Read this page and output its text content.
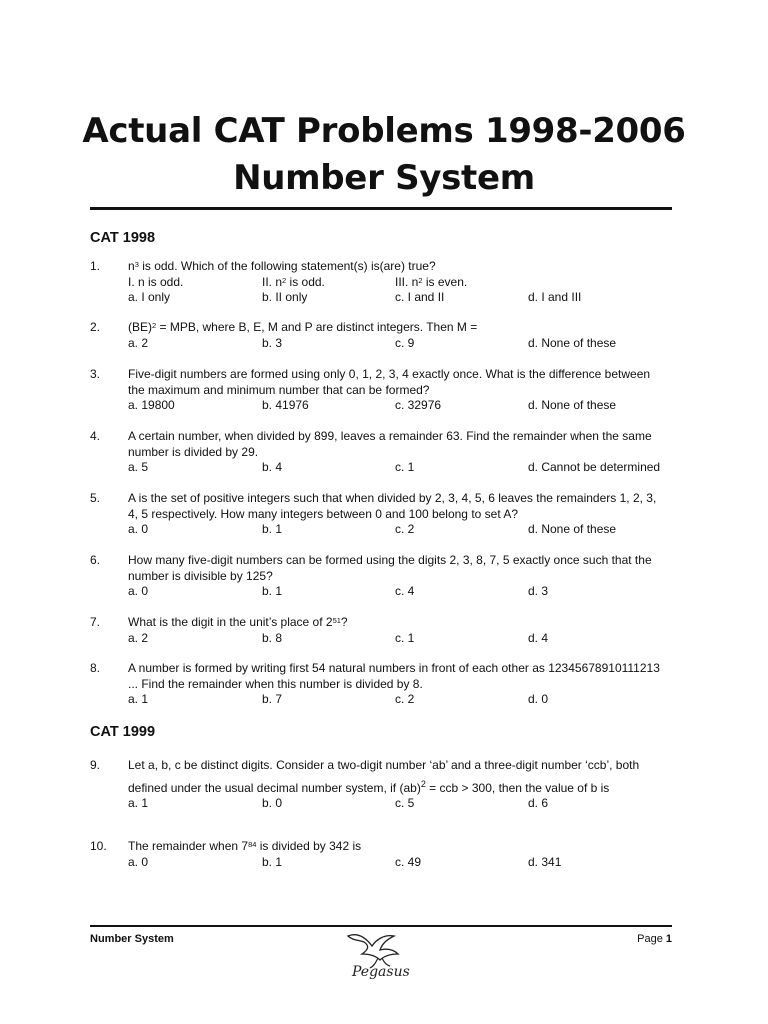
Actual CAT Problems 1998-2006
Number System
CAT 1998
1. $n^3$ is odd. Which of the following statement(s) is(are) true?
I. n is odd.	II. $n^2$ is odd.	III. $n^2$ is even.
a. I only	b. II only	c. I and II	d. I and III
2. (BE)$^2$ = MPB, where B, E, M and P are distinct integers. Then M =
a. 2	b. 3	c. 9	d. None of these
3. Five-digit numbers are formed using only 0, 1, 2, 3, 4 exactly once. What is the difference between
the maximum and minimum number that can be formed?
a. 19800	b. 41976	c. 32976	d. None of these
4. A certain number, when divided by 899, leaves a remainder 63. Find the remainder when the same
number is divided by 29.
a. 5	b. 4	c. 1	d. Cannot be determined
5. A is the set of positive integers such that when divided by 2, 3, 4, 5, 6 leaves the remainders 1, 2, 3,
4, 5 respectively. How many integers between 0 and 100 belong to set A?
a. 0	b. 1	c. 2	d. None of these
6. How many five-digit numbers can be formed using the digits 2, 3, 8, 7, 5 exactly once such that the
number is divisible by 125?
a. 0	b. 1	c. 4	d. 3
7. What is the digit in the unit’s place of $2^{51}$?
a. 2	b. 8	c. 1	d. 4
8. A number is formed by writing first 54 natural numbers in front of each other as 12345678910111213
... Find the remainder when this number is divided by 8.
a. 1	b. 7	c. 2	d. 0
CAT 1999
9. Let a, b, c be distinct digits. Consider a two-digit number ‘ab’ and a three-digit number ‘ccb’, both
defined under the usual decimal number system, if (ab)$^2$ = ccb > 300, then the value of b is
a. 1	b. 0	c. 5	d. 6
10. The remainder when $7^{84}$ is divided by 342 is
a. 0	b. 1	c. 49	d. 341
Number System
Pegasus
Page 1
